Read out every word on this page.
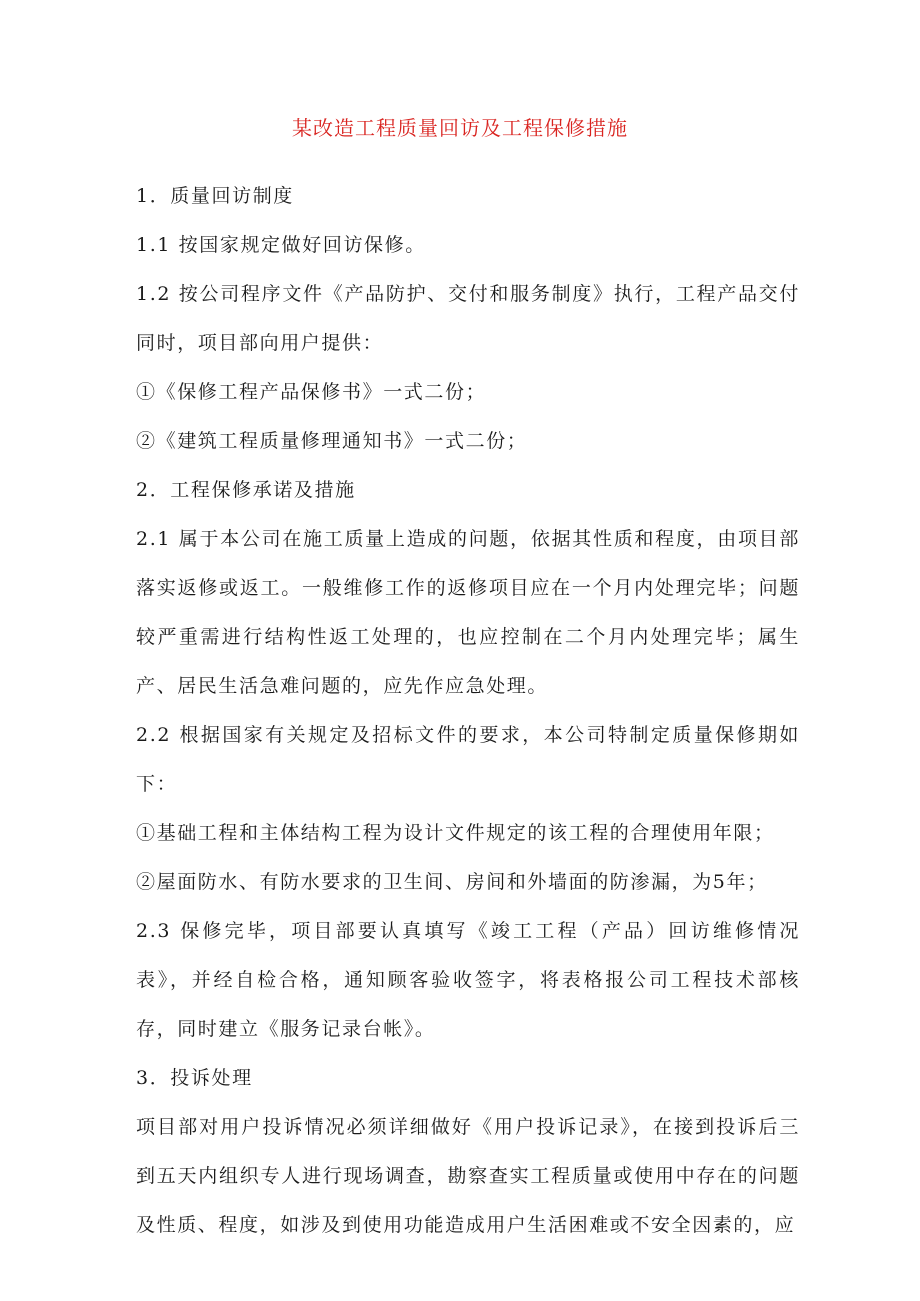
某改造工程质量回访及工程保修措施

1．质量回访制度

1.1 按国家规定做好回访保修。

1.2 按公司程序文件《产品防护、交付和服务制度》执行，工程产品交付同时，项目部向用户提供：

①《保修工程产品保修书》一式二份；

②《建筑工程质量修理通知书》一式二份；

2．工程保修承诺及措施

2.1 属于本公司在施工质量上造成的问题，依据其性质和程度，由项目部落实返修或返工。一般维修工作的返修项目应在一个月内处理完毕；问题较严重需进行结构性返工处理的，也应控制在二个月内处理完毕；属生产、居民生活急难问题的，应先作应急处理。

2.2 根据国家有关规定及招标文件的要求，本公司特制定质量保修期如下：

①基础工程和主体结构工程为设计文件规定的该工程的合理使用年限；

②屋面防水、有防水要求的卫生间、房间和外墙面的防渗漏，为5年；

2.3 保修完毕，项目部要认真填写《竣工工程（产品）回访维修情况表》，并经自检合格，通知顾客验收签字，将表格报公司工程技术部核存，同时建立《服务记录台帐》。

3．投诉处理

项目部对用户投诉情况必须详细做好《用户投诉记录》，在接到投诉后三到五天内组织专人进行现场调查，勘察查实工程质量或使用中存在的问题及性质、程度，如涉及到使用功能造成用户生活困难或不安全因素的，应
